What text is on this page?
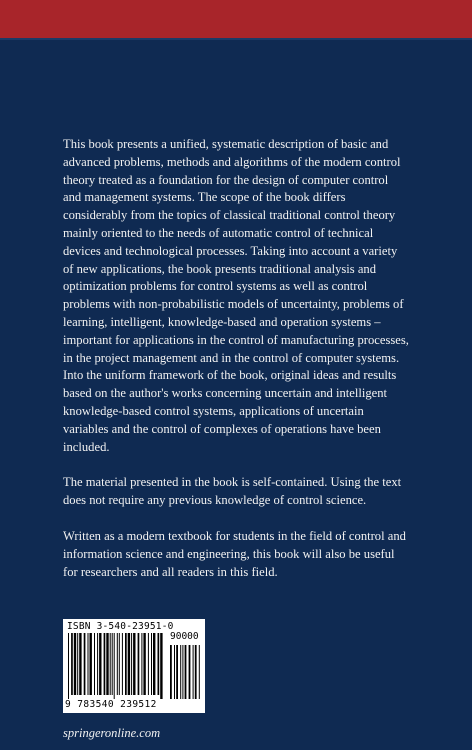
This book presents a unified, systematic description of basic and advanced problems, methods and algorithms of the modern control theory treated as a foundation for the design of computer control and management systems. The scope of the book differs considerably from the topics of classical traditional control theory mainly oriented to the needs of automatic control of technical devices and technological processes. Taking into account a variety of new applications, the book presents traditional analysis and optimization problems for control systems as well as control problems with non-probabilistic models of uncertainty, problems of learning, intelligent, knowledge-based and operation systems – important for applications in the control of manufacturing processes, in the project management and in the control of computer systems. Into the uniform framework of the book, original ideas and results based on the author's works concerning uncertain and intelligent knowledge-based control systems, applications of uncertain variables and the control of complexes of operations have been included.

The material presented in the book is self-contained. Using the text does not require any previous knowledge of control science.

Written as a modern textbook for students in the field of control and information science and engineering, this book will also be useful for researchers and all readers in this field.

ISBN 3-540-23951-0
90000
9 783540 239512
springeronline.com
